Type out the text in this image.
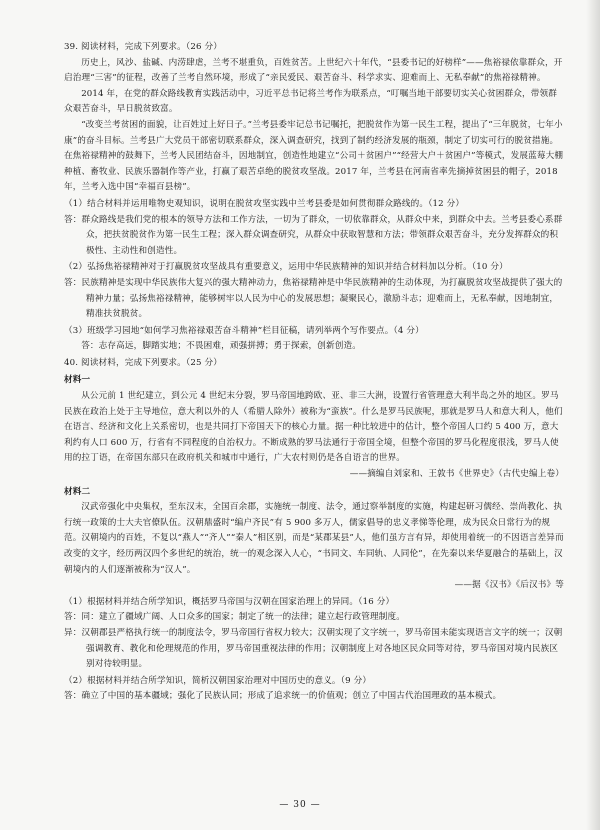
39. 阅读材料，完成下列要求。（26 分）

历史上，风沙、盐碱、内涝肆虐，兰考不堪重负，百姓贫苦。上世纪六十年代，“县委书记的好榜样”——焦裕禄依靠群众，开启治理“三害”的征程，改善了兰考自然环境，形成了“亲民爱民、艰苦奋斗、科学求实、迎难而上、无私奉献”的焦裕禄精神。

2014 年，在党的群众路线教育实践活动中，习近平总书记将兰考作为联系点，“叮嘱当地干部要切实关心贫困群众，带领群众艰苦奋斗，早日脱贫致富。

“改变兰考贫困的面貌，让百姓过上好日子。”兰考县委牢记总书记嘱托，把脱贫作为第一民生工程，提出了“三年脱贫，七年小康”的奋斗目标。兰考县广大党员干部密切联系群众，深入调查研究，找到了制约经济发展的瓶颈，制定了切实可行的脱贫措施。在焦裕禄精神的鼓舞下，兰考人民团结奋斗，因地制宜，创造性地建立“公司＋贫困户”“经营大户＋贫困户”等模式，发展蓝莓大棚种植、畜牧业、民族乐器制作等产业，打赢了艰苦卓绝的脱贫攻坚战。2017 年，兰考县在河南省率先摘掉贫困县的帽子，2018 年，兰考入选中国“幸福百县榜”。

（1）结合材料并运用唯物史观知识，说明在脱贫攻坚实践中兰考县委是如何贯彻群众路线的。（12 分）

答：群众路线是我们党的根本的领导方法和工作方法，一切为了群众，一切依靠群众，从群众中来，到群众中去。兰考县委心系群众，把扶贫脱贫作为第一民生工程；深入群众调查研究，从群众中获取智慧和方法；带领群众艰苦奋斗，充分发挥群众的积极性、主动性和创造性。

（2）弘扬焦裕禄精神对于打赢脱贫攻坚战具有重要意义，运用中华民族精神的知识并结合材料加以分析。（10 分）

答：民族精神是实现中华民族伟大复兴的强大精神动力，焦裕禄精神是中华民族精神的生动体现，为打赢脱贫攻坚战提供了强大的精神力量；弘扬焦裕禄精神，能够树牢以人民为中心的发展思想；凝聚民心，激励斗志；迎难而上，无私奉献，因地制宜，精准扶贫脱贫。

（3）班级学习园地“如何学习焦裕禄艰苦奋斗精神”栏目征稿，请列举两个写作要点。（4 分）

答：志存高远，脚踏实地；不畏困难，顽强拼搏；勇于探索，创新创造。

40. 阅读材料，完成下列要求。（25 分）

材料一

从公元前 1 世纪建立，到公元 4 世纪末分裂，罗马帝国地跨欧、亚、非三大洲，设置行省管理意大利半岛之外的地区。罗马民族在政治上处于主导地位，意大利以外的人（希腊人除外）被称为“蛮族”。什么是罗马民族呢，那就是罗马人和意大利人，他们在语言、经济和文化上关系密切，也是共同打下帝国天下的核心力量。据一种比较进中的估计，整个帝国人口约 5 400 万，意大利约有人口 600 万，行省有不同程度的自治权力。不断成熟的罗马法通行于帝国全境，但整个帝国的罗马化程度很浅，罗马人使用的拉丁语，在帝国东部只在政府机关和城市中通行，广大农村则仍是各自语言的世界。

——摘编自刘家和、王敦书《世界史》（古代史编上卷）

材料二

汉武帝强化中央集权，至东汉末，全国百余郡，实施统一制度、法令，通过察举制度的实施，构建起研习儒经、崇尚教化、执行统一政策的士大夫官僚队伍。汉朝鼎盛时“编户齐民”有 5 900 多万人，儒家倡导的忠义孝悌等伦理，成为民众日常行为的规范。汉朝境内的百姓，不复以“燕人”“齐人”“秦人”相区别，而是“某郡某县”人，他们虽方言有异，却使用着统一的不因语言差异而改变的文字，经历两汉四个多世纪的统治，统一的观念深入人心，“书同文、车同轨、人同伦”，在先秦以来华夏融合的基础上，汉朝境内的人们逐渐被称为“汉人”。

——据《汉书》《后汉书》等

（1）根据材料并结合所学知识，概括罗马帝国与汉朝在国家治理上的异同。（16 分）

答：同：建立了疆域广阔、人口众多的国家；制定了统一的法律；建立起行政管理制度。

异：汉朝郡县严格执行统一的制度法令，罗马帝国行省权力较大；汉朝实现了文字统一，罗马帝国未能实现语言文字的统一；汉朝强调教育、教化和伦理规范的作用，罗马帝国重视法律的作用；汉朝制度上对各地区民众同等对待，罗马帝国对境内民族区别对待较明显。

（2）根据材料并结合所学知识，简析汉朝国家治理对中国历史的意义。（9 分）

答：确立了中国的基本疆域；强化了民族认同；形成了追求统一的价值观；创立了中国古代治国理政的基本模式。

— 30 —
